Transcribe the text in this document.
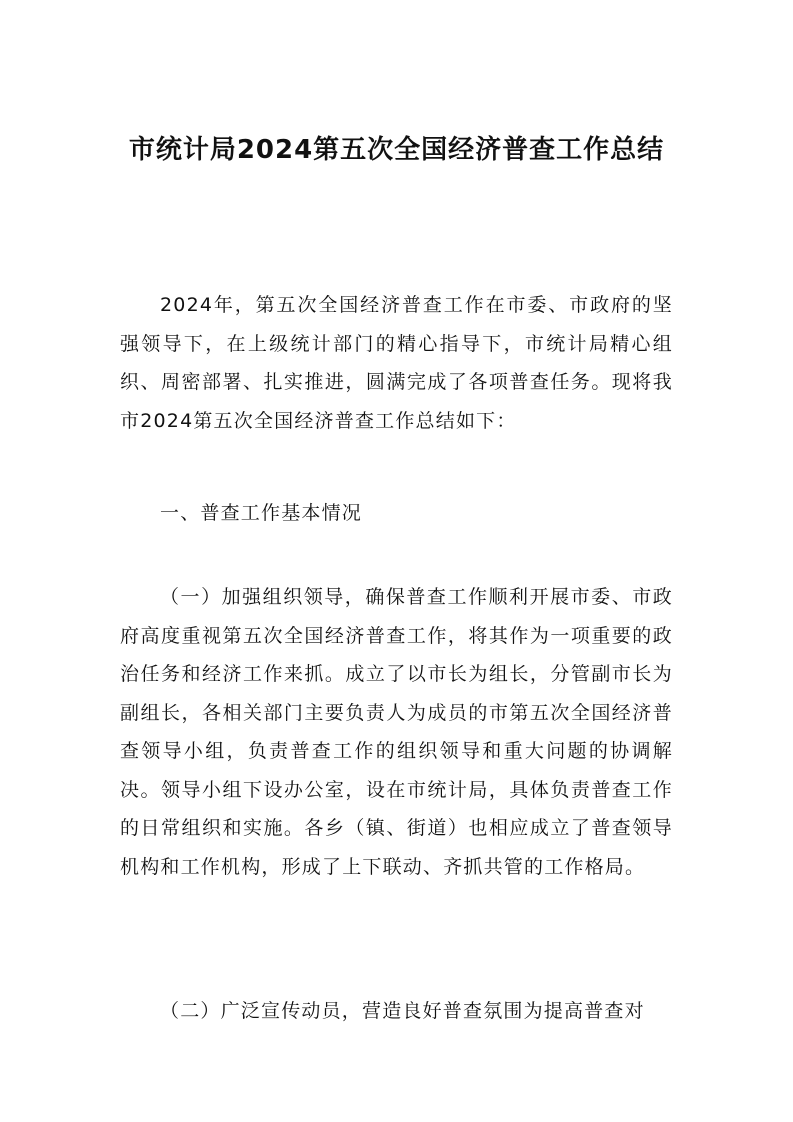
市统计局2024第五次全国经济普查工作总结

2024年，第五次全国经济普查工作在市委、市政府的坚强领导下，在上级统计部门的精心指导下，市统计局精心组织、周密部署、扎实推进，圆满完成了各项普查任务。现将我市2024第五次全国经济普查工作总结如下：

一、普查工作基本情况

（一）加强组织领导，确保普查工作顺利开展市委、市政府高度重视第五次全国经济普查工作，将其作为一项重要的政治任务和经济工作来抓。成立了以市长为组长，分管副市长为副组长，各相关部门主要负责人为成员的市第五次全国经济普查领导小组，负责普查工作的组织领导和重大问题的协调解决。领导小组下设办公室，设在市统计局，具体负责普查工作的日常组织和实施。各乡（镇、街道）也相应成立了普查领导机构和工作机构，形成了上下联动、齐抓共管的工作格局。

（二）广泛宣传动员，营造良好普查氛围为提高普查对
